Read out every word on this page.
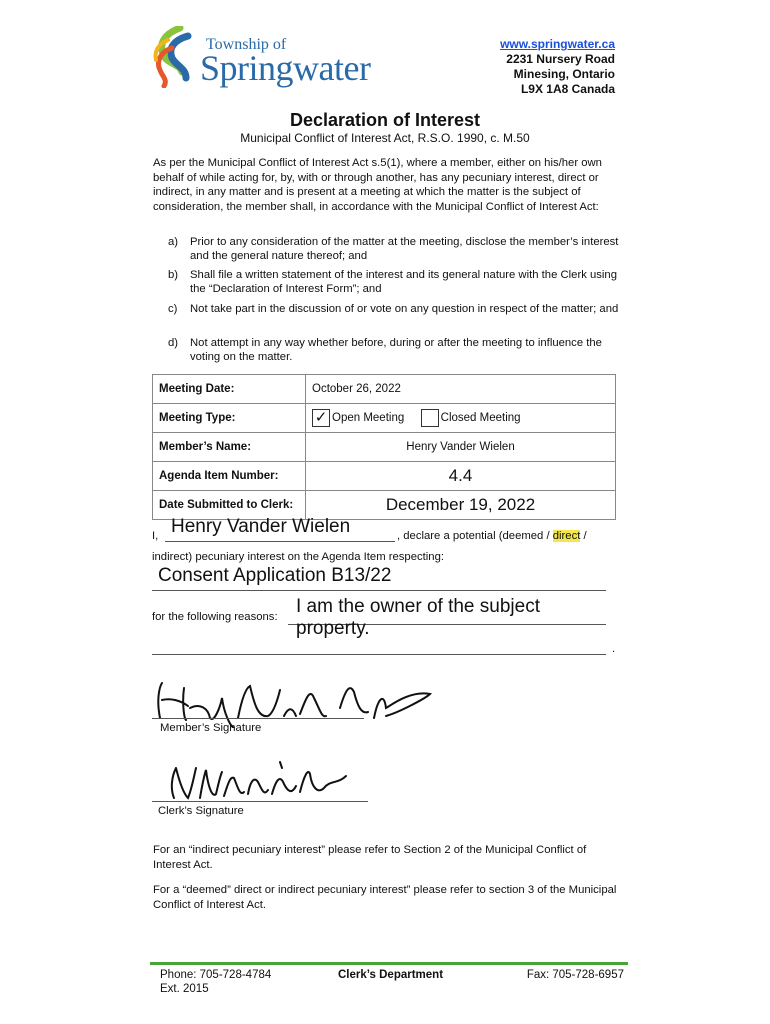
Township of
Springwater
www.springwater.ca
2231 Nursery Road
Minesing, Ontario
L9X 1A8 Canada
Declaration of Interest
Municipal Conflict of Interest Act, R.S.O. 1990, c. M.50
As per the Municipal Conflict of Interest Act s.5(1), where a member, either on his/her own behalf of while acting for, by, with or through another, has any pecuniary interest, direct or indirect, in any matter and is present at a meeting at which the matter is the subject of consideration, the member shall, in accordance with the Municipal Conflict of Interest Act:
a)	Prior to any consideration of the matter at the meeting, disclose the member’s interest and the general nature thereof; and
b)	Shall file a written statement of the interest and its general nature with the Clerk using the “Declaration of Interest Form”; and
c)	Not take part in the discussion of or vote on any question in respect of the matter; and
d)	Not attempt in any way whether before, during or after the meeting to influence the voting on the matter.
Meeting Date:	October 26, 2022
Meeting Type:	✓ Open Meeting Closed Meeting
Member’s Name:	Henry Vander Wielen
Agenda Item Number:	4.4
Date Submitted to Clerk:	December 19, 2022
I, Henry Vander Wielen	, declare a potential (deemed / direct /
indirect) pecuniary interest on the Agenda Item respecting:
Consent Application B13/22
for the following reasons: I am the owner of the subject property.
.
Member’s Signature
Clerk’s Signature
For an “indirect pecuniary interest” please refer to Section 2 of the Municipal Conflict of Interest Act.
For a “deemed” direct or indirect pecuniary interest” please refer to section 3 of the Municipal Conflict of Interest Act.
Phone: 705-728-4784
Ext. 2015
Clerk’s Department	Fax: 705-728-6957
